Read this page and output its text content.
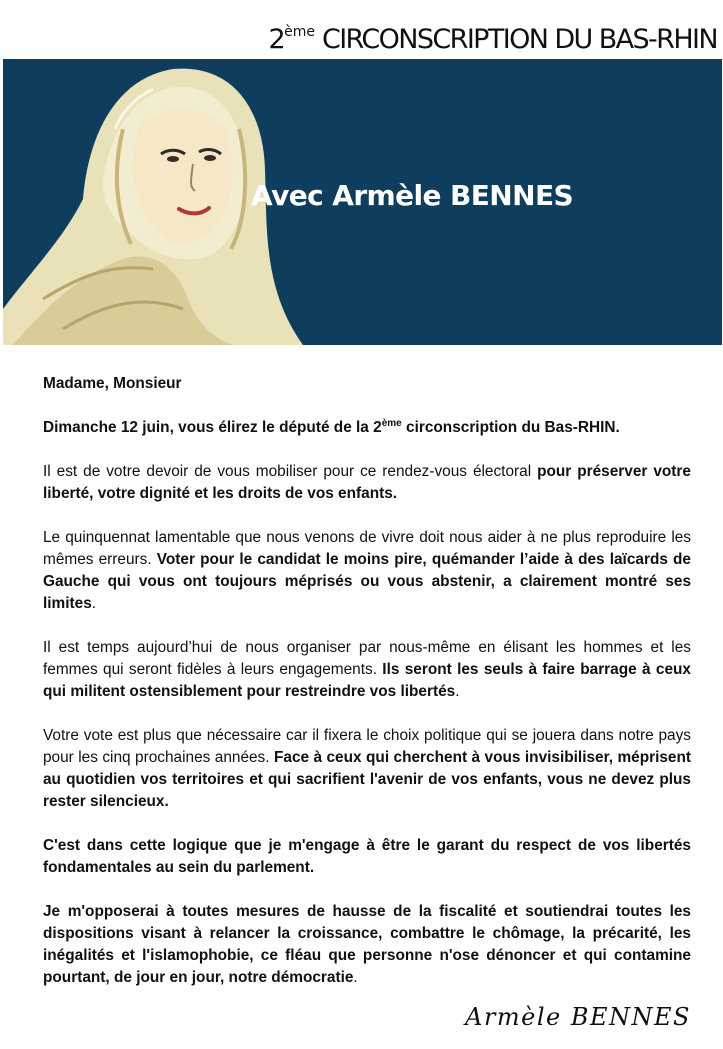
2ème CIRCONSCRIPTION DU BAS-RHIN
Avec Armèle BENNES

Madame, Monsieur

Dimanche 12 juin, vous élirez le député de la 2ème circonscription du Bas-RHIN.

Il est de votre devoir de vous mobiliser pour ce rendez-vous électoral pour préserver votre liberté, votre dignité et les droits de vos enfants.

Le quinquennat lamentable que nous venons de vivre doit nous aider à ne plus reproduire les mêmes erreurs. Voter pour le candidat le moins pire, quémander l’aide à des laïcards de Gauche qui vous ont toujours méprisés ou vous abstenir, a clairement montré ses limites.

Il est temps aujourd’hui de nous organiser par nous-même en élisant les hommes et les femmes qui seront fidèles à leurs engagements. Ils seront les seuls à faire barrage à ceux qui militent ostensiblement pour restreindre vos libertés.

Votre vote est plus que nécessaire car il fixera le choix politique qui se jouera dans notre pays pour les cinq prochaines années. Face à ceux qui cherchent à vous invisibiliser, méprisent au quotidien vos territoires et qui sacrifient l'avenir de vos enfants, vous ne devez plus rester silencieux.

C'est dans cette logique que je m'engage à être le garant du respect de vos libertés fondamentales au sein du parlement.

Je m'opposerai à toutes mesures de hausse de la fiscalité et soutiendrai toutes les dispositions visant à relancer la croissance, combattre le chômage, la précarité, les inégalités et l'islamophobie, ce fléau que personne n'ose dénoncer et qui contamine pourtant, de jour en jour, notre démocratie.

Armèle BENNES
